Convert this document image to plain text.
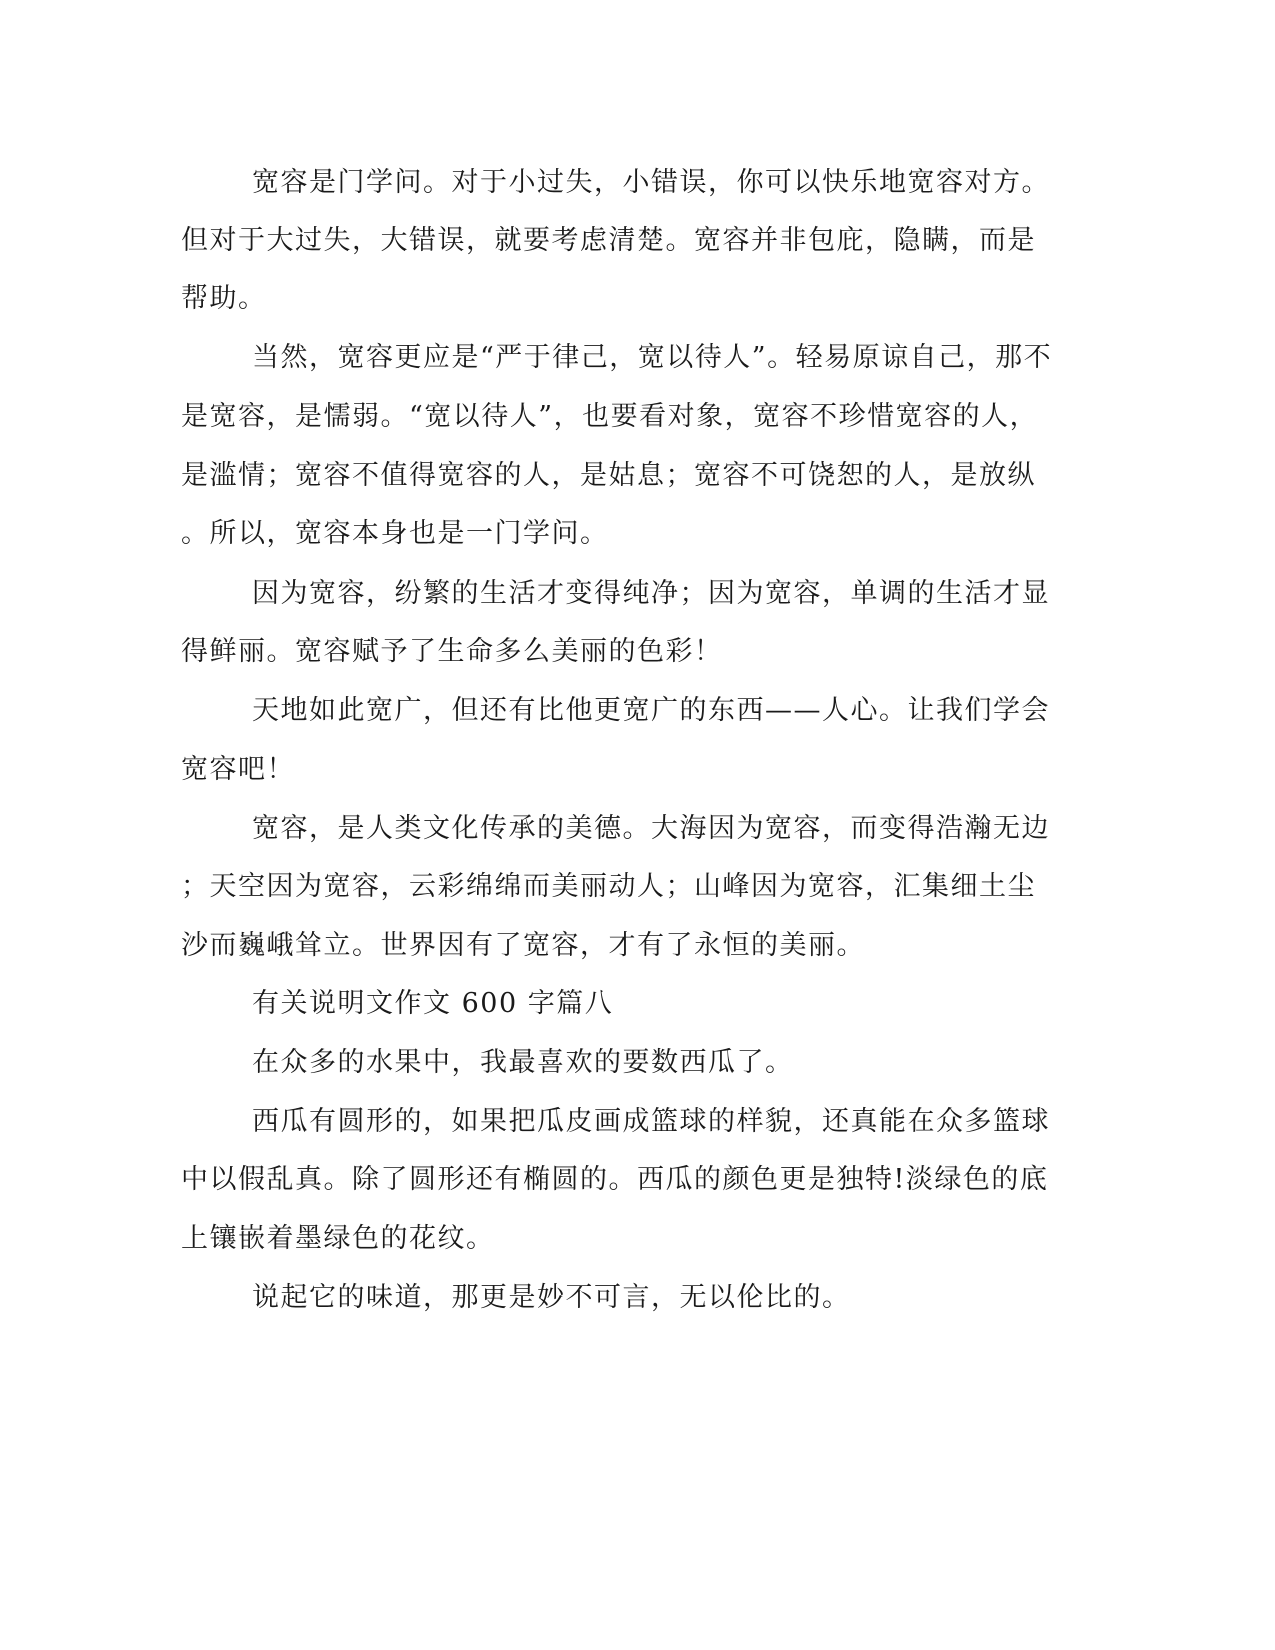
宽容是门学问。对于小过失，小错误，你可以快乐地宽容对方。

但对于大过失，大错误，就要考虑清楚。宽容并非包庇，隐瞒，而是

帮助。

当然，宽容更应是“严于律己，宽以待人”。轻易原谅自己，那不

是宽容，是懦弱。“宽以待人”，也要看对象，宽容不珍惜宽容的人，

是滥情；宽容不值得宽容的人，是姑息；宽容不可饶恕的人，是放纵

。所以，宽容本身也是一门学问。

因为宽容，纷繁的生活才变得纯净；因为宽容，单调的生活才显

得鲜丽。宽容赋予了生命多么美丽的色彩！

天地如此宽广，但还有比他更宽广的东西——人心。让我们学会

宽容吧！

宽容，是人类文化传承的美德。大海因为宽容，而变得浩瀚无边

；天空因为宽容，云彩绵绵而美丽动人；山峰因为宽容，汇集细土尘

沙而巍峨耸立。世界因有了宽容，才有了永恒的美丽。

有关说明文作文 600 字篇八

在众多的水果中，我最喜欢的要数西瓜了。

西瓜有圆形的，如果把瓜皮画成篮球的样貌，还真能在众多篮球

中以假乱真。除了圆形还有椭圆的。西瓜的颜色更是独特!淡绿色的底

上镶嵌着墨绿色的花纹。

说起它的味道，那更是妙不可言，无以伦比的。
